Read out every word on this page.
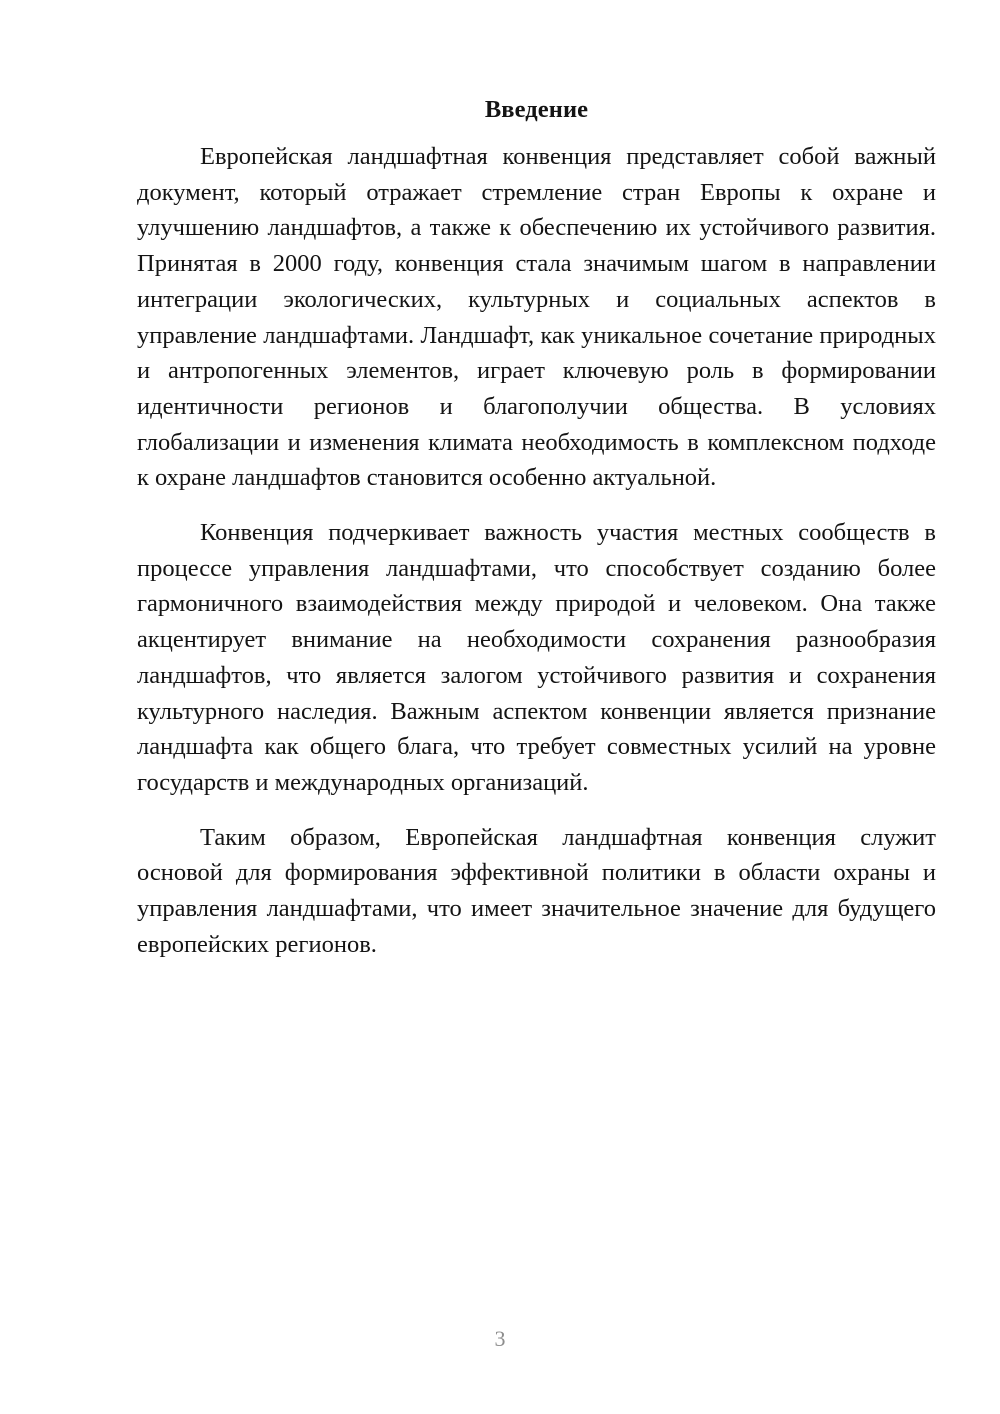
Введение

Европейская ландшафтная конвенция представляет собой важный документ, который отражает стремление стран Европы к охране и улучшению ландшафтов, а также к обеспечению их устойчивого развития. Принятая в 2000 году, конвенция стала значимым шагом в направлении интеграции экологических, культурных и социальных аспектов в управление ландшафтами. Ландшафт, как уникальное сочетание природных и антропогенных элементов, играет ключевую роль в формировании идентичности регионов и благополучии общества. В условиях глобализации и изменения климата необходимость в комплексном подходе к охране ландшафтов становится особенно актуальной.

Конвенция подчеркивает важность участия местных сообществ в процессе управления ландшафтами, что способствует созданию более гармоничного взаимодействия между природой и человеком. Она также акцентирует внимание на необходимости сохранения разнообразия ландшафтов, что является залогом устойчивого развития и сохранения культурного наследия. Важным аспектом конвенции является признание ландшафта как общего блага, что требует совместных усилий на уровне государств и международных организаций.

Таким образом, Европейская ландшафтная конвенция служит основой для формирования эффективной политики в области охраны и управления ландшафтами, что имеет значительное значение для будущего европейских регионов.

3
